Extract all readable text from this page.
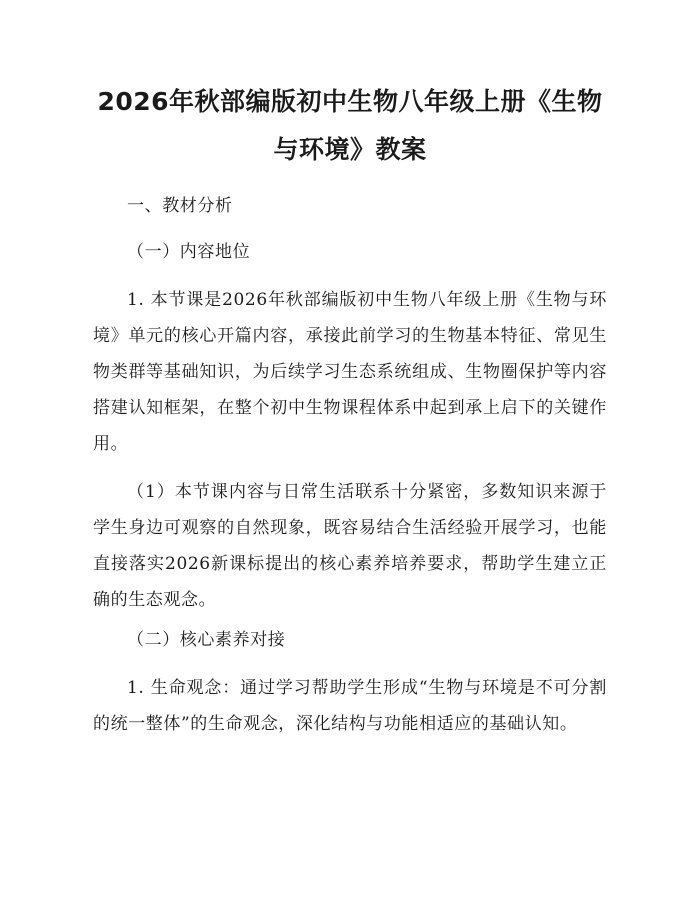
2026年秋部编版初中生物八年级上册《生物与环境》教案

一、教材分析

（一）内容地位

1. 本节课是2026年秋部编版初中生物八年级上册《生物与环境》单元的核心开篇内容，承接此前学习的生物基本特征、常见生物类群等基础知识，为后续学习生态系统组成、生物圈保护等内容搭建认知框架，在整个初中生物课程体系中起到承上启下的关键作用。

（1）本节课内容与日常生活联系十分紧密，多数知识来源于学生身边可观察的自然现象，既容易结合生活经验开展学习，也能直接落实2026新课标提出的核心素养培养要求，帮助学生建立正确的生态观念。

（二）核心素养对接

1. 生命观念：通过学习帮助学生形成“生物与环境是不可分割的统一整体”的生命观念，深化结构与功能相适应的基础认知。
